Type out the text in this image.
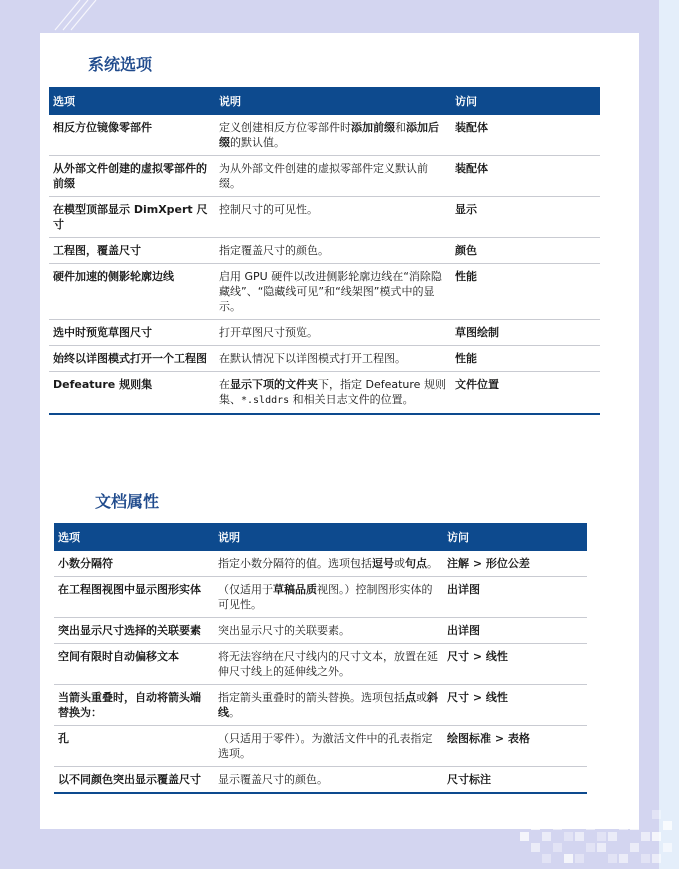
系统选项
选项	说明	访问
相反方位镜像零部件	定义创建相反方位零部件时添加前缀和添加后缀的默认值。	装配体
从外部文件创建的虚拟零部件的前缀	为从外部文件创建的虚拟零部件定义默认前缀。	装配体
在模型顶部显示 DimXpert 尺寸	控制尺寸的可见性。	显示
工程图，覆盖尺寸	指定覆盖尺寸的颜色。	颜色
硬件加速的侧影轮廓边线	启用 GPU 硬件以改进侧影轮廓边线在“消除隐藏线”、“隐藏线可见”和“线架图”模式中的显示。	性能
选中时预览草图尺寸	打开草图尺寸预览。	草图绘制
始终以详图模式打开一个工程图	在默认情况下以详图模式打开工程图。	性能
Defeature 规则集	在显示下项的文件夹下，指定 Defeature 规则集、*.slddrs 和相关日志文件的位置。	文件位置
文档属性
选项	说明	访问
小数分隔符	指定小数分隔符的值。选项包括逗号或句点。	注解 > 形位公差
在工程图视图中显示图形实体	（仅适用于草稿品质视图。）控制图形实体的可见性。	出详图
突出显示尺寸选择的关联要素	突出显示尺寸的关联要素。	出详图
空间有限时自动偏移文本	将无法容纳在尺寸线内的尺寸文本，放置在延伸尺寸线上的延伸线之外。	尺寸 > 线性
当箭头重叠时，自动将箭头端替换为：	指定箭头重叠时的箭头替换。选项包括点或斜线。	尺寸 > 线性
孔	（只适用于零件）。为激活文件中的孔表指定选项。	绘图标准 > 表格
以不同颜色突出显示覆盖尺寸	显示覆盖尺寸的颜色。	尺寸标注
